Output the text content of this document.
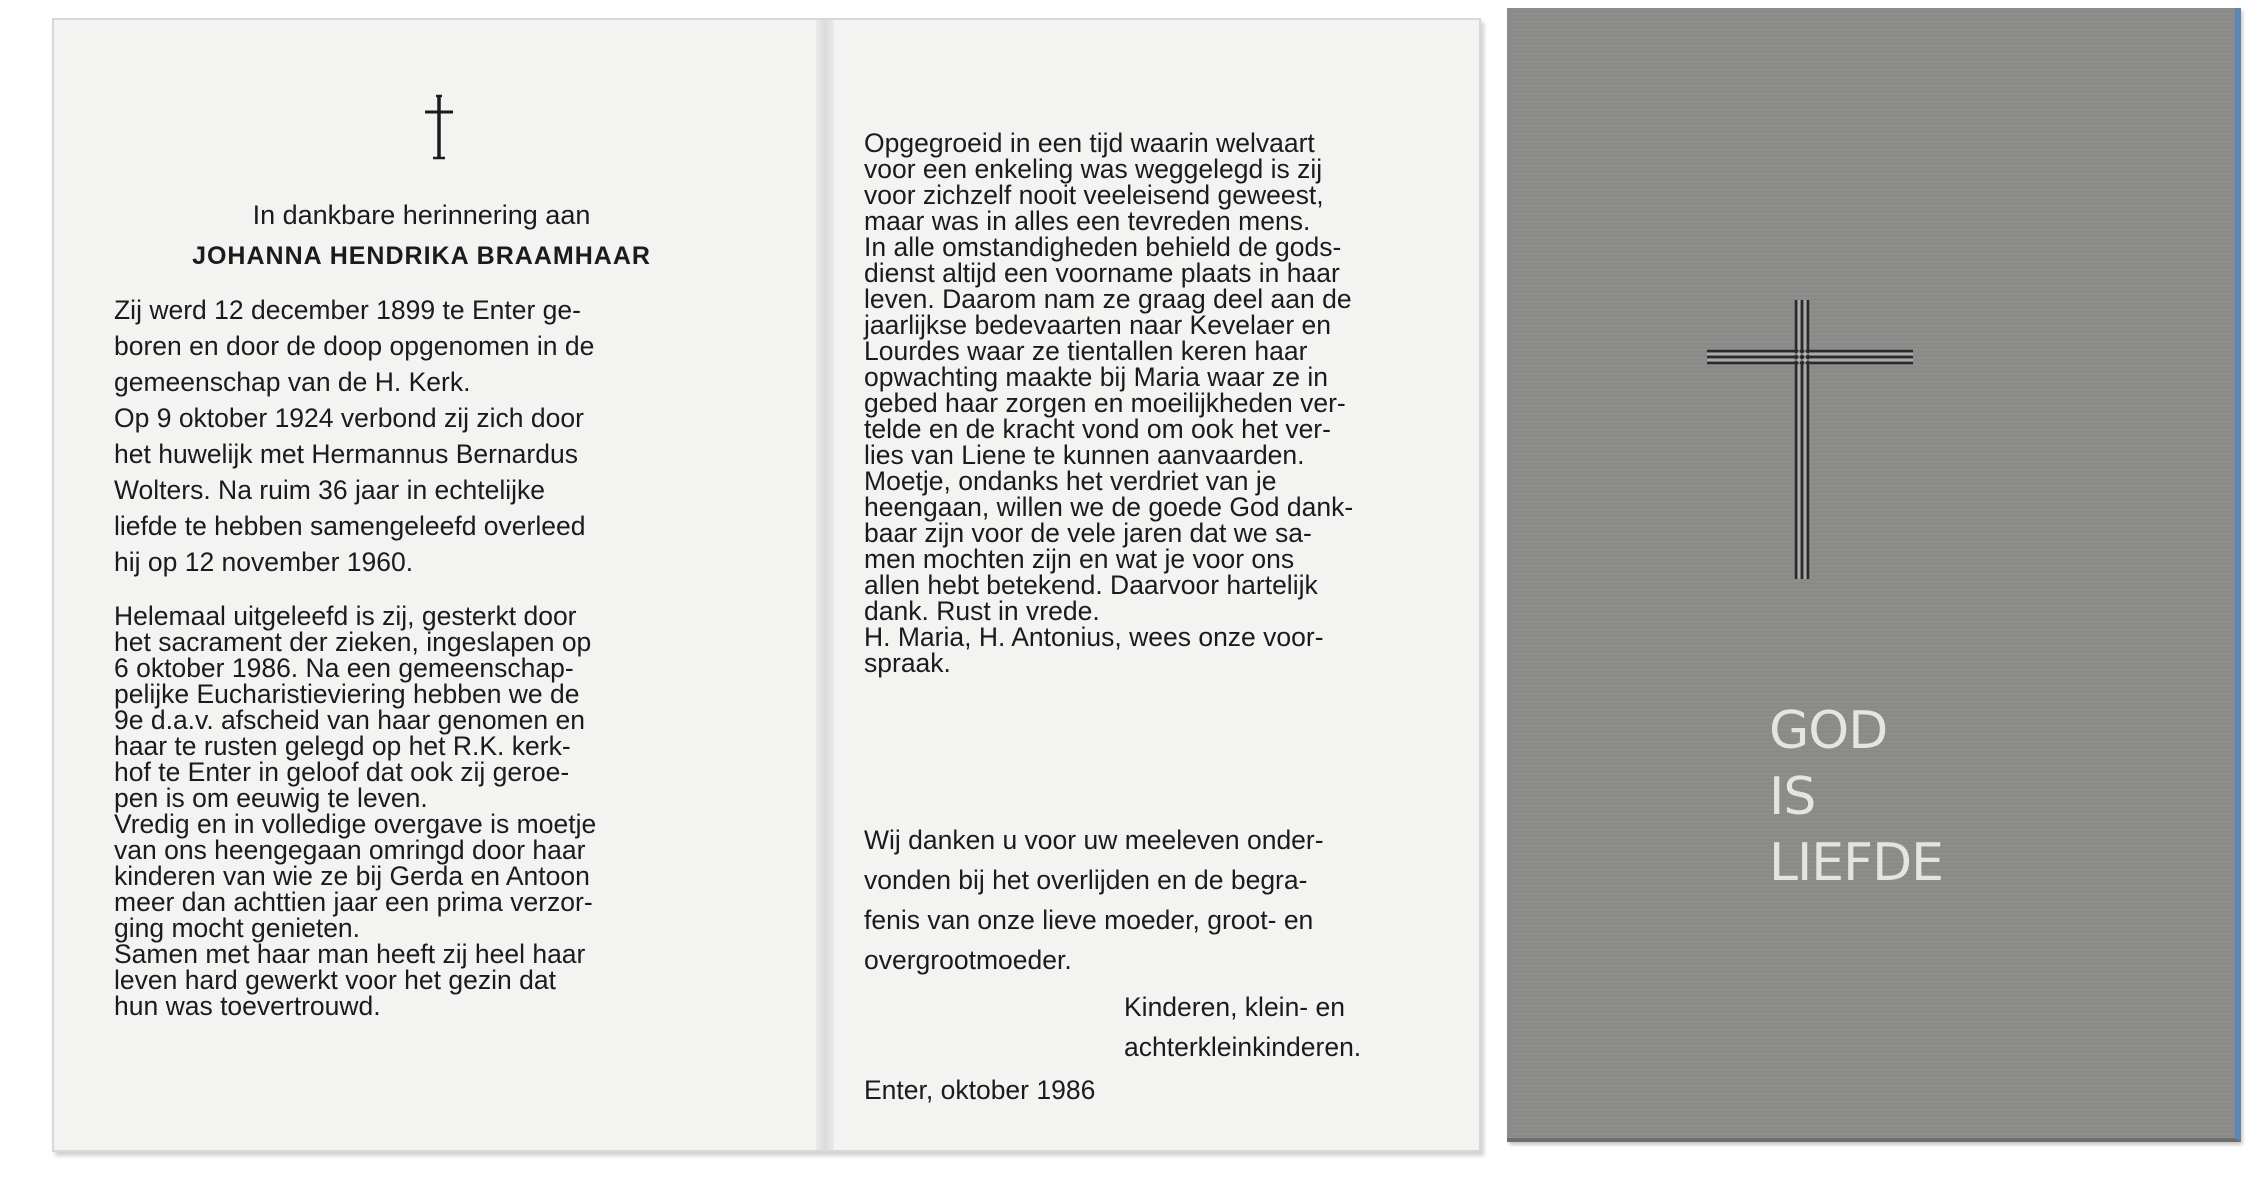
In dankbare herinnering aan
JOHANNA HENDRIKA BRAAMHAAR

Zij werd 12 december 1899 te Enter ge-
boren en door de doop opgenomen in de
gemeenschap van de H. Kerk.
Op 9 oktober 1924 verbond zij zich door
het huwelijk met Hermannus Bernardus
Wolters. Na ruim 36 jaar in echtelijke
liefde te hebben samengeleefd overleed
hij op 12 november 1960.

Helemaal uitgeleefd is zij, gesterkt door
het sacrament der zieken, ingeslapen op
6 oktober 1986. Na een gemeenschap-
pelijke Eucharistieviering hebben we de
9e d.a.v. afscheid van haar genomen en
haar te rusten gelegd op het R.K. kerk-
hof te Enter in geloof dat ook zij geroe-
pen is om eeuwig te leven.
Vredig en in volledige overgave is moetje
van ons heengegaan omringd door haar
kinderen van wie ze bij Gerda en Antoon
meer dan achttien jaar een prima verzor-
ging mocht genieten.
Samen met haar man heeft zij heel haar
leven hard gewerkt voor het gezin dat
hun was toevertrouwd.

Opgegroeid in een tijd waarin welvaart
voor een enkeling was weggelegd is zij
voor zichzelf nooit veeleisend geweest,
maar was in alles een tevreden mens.
In alle omstandigheden behield de gods-
dienst altijd een voorname plaats in haar
leven. Daarom nam ze graag deel aan de
jaarlijkse bedevaarten naar Kevelaer en
Lourdes waar ze tientallen keren haar
opwachting maakte bij Maria waar ze in
gebed haar zorgen en moeilijkheden ver-
telde en de kracht vond om ook het ver-
lies van Liene te kunnen aanvaarden.
Moetje, ondanks het verdriet van je
heengaan, willen we de goede God dank-
baar zijn voor de vele jaren dat we sa-
men mochten zijn en wat je voor ons
allen hebt betekend. Daarvoor hartelijk
dank. Rust in vrede.
H. Maria, H. Antonius, wees onze voor-
spraak.

Wij danken u voor uw meeleven onder-
vonden bij het overlijden en de begra-
fenis van onze lieve moeder, groot- en
overgrootmoeder.

Kinderen, klein- en
achterkleinkinderen.
Enter, oktober 1986
GOD
IS
LIEFDE
